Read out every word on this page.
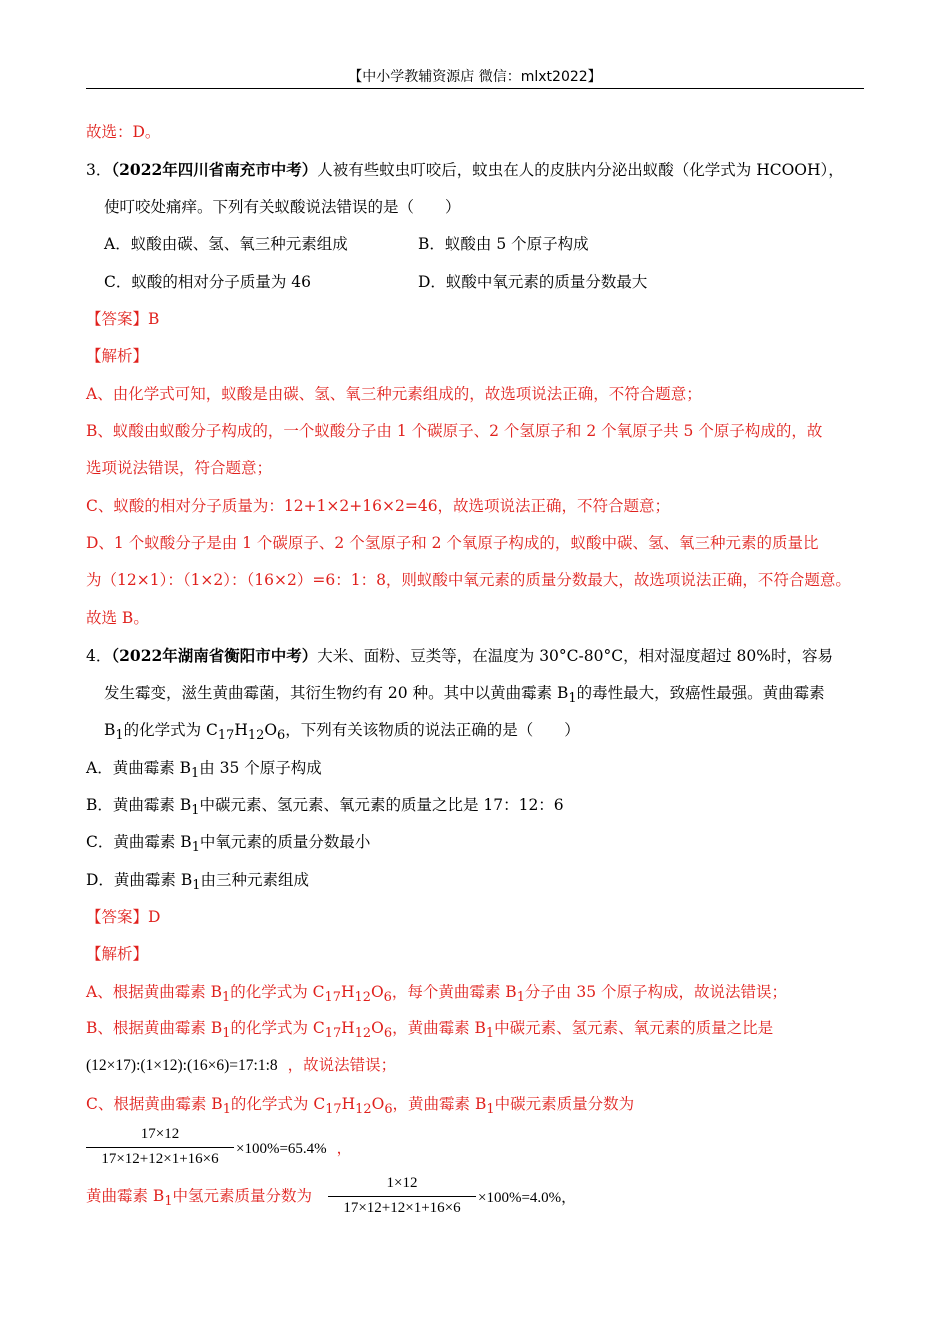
【中小学教辅资源店 微信：mlxt2022】
故选：D。
3．（2022年四川省南充市中考）人被有些蚊虫叮咬后，蚊虫在人的皮肤内分泌出蚁酸（化学式为 HCOOH），
使叮咬处痛痒。下列有关蚁酸说法错误的是（　　）
A．蚁酸由碳、氢、氧三种元素组成	B．蚁酸由 5 个原子构成
C．蚁酸的相对分子质量为 46	D．蚁酸中氧元素的质量分数最大
【答案】B
【解析】
A、由化学式可知，蚁酸是由碳、氢、氧三种元素组成的，故选项说法正确，不符合题意；
B、蚁酸由蚁酸分子构成的，一个蚁酸分子由 1 个碳原子、2 个氢原子和 2 个氧原子共 5 个原子构成的，故
选项说法错误，符合题意；
C、蚁酸的相对分子质量为：12+1×2+16×2=46，故选项说法正确，不符合题意；
D、1 个蚁酸分子是由 1 个碳原子、2 个氢原子和 2 个氧原子构成的，蚁酸中碳、氢、氧三种元素的质量比
为（12×1）：（1×2）：（16×2）=6：1：8，则蚁酸中氧元素的质量分数最大，故选项说法正确，不符合题意。
故选 B。
4．（2022年湖南省衡阳市中考）大米、面粉、豆类等，在温度为 30°C-80°C，相对湿度超过 80%时，容易
发生霉变，滋生黄曲霉菌，其衍生物约有 20 种。其中以黄曲霉素 $B_1$的毒性最大，致癌性最强。黄曲霉素
$B_1$的化学式为 $C_{17}H_{12}O_6$，下列有关该物质的说法正确的是（　　）
A．黄曲霉素 $B_1$由 35 个原子构成
B．黄曲霉素 $B_1$中碳元素、氢元素、氧元素的质量之比是 17：12：6
C．黄曲霉素 $B_1$中氧元素的质量分数最小
D．黄曲霉素 $B_1$由三种元素组成
【答案】D
【解析】
A、根据黄曲霉素 $B_1$的化学式为 $C_{17}H_{12}O_6$，每个黄曲霉素 $B_1$分子由 35 个原子构成，故说法错误；
B、根据黄曲霉素 $B_1$的化学式为 $C_{17}H_{12}O_6$，黄曲霉素 $B_1$中碳元素、氢元素、氧元素的质量之比是
(12×17):(1×12):(16×6)=17:1:8 ，故说法错误；
C、根据黄曲霉素 $B_1$的化学式为 $C_{17}H_{12}O_6$，黄曲霉素 $B_1$中碳元素质量分数为
17×12
17×12+12×1+16×6
×100%=65.4% ，
黄曲霉素 $B_1$中氢元素质量分数为
1×12
17×12+12×1+16×6
×100%=4.0%，
